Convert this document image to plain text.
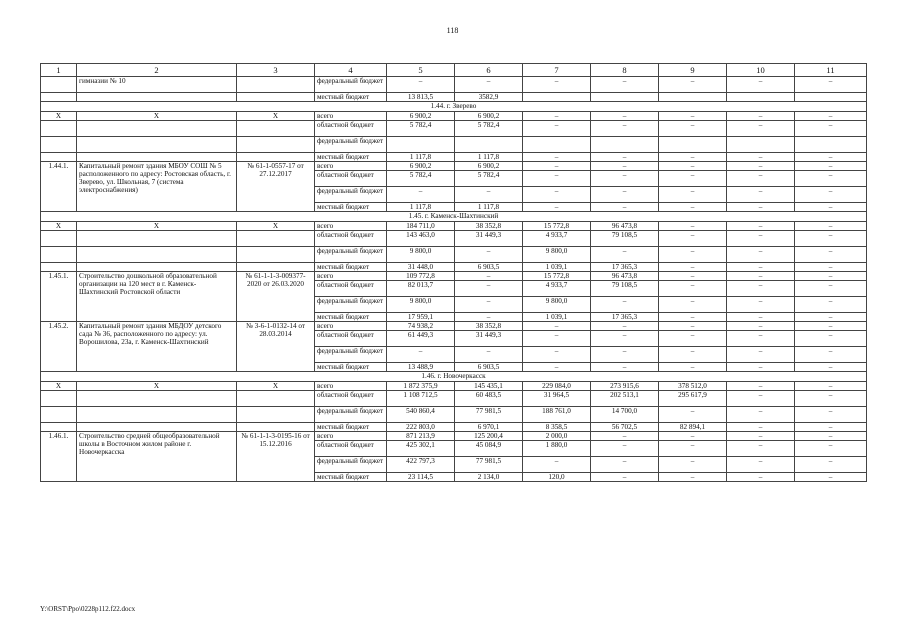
118
1	2	3	4	5	6	7	8	9	10	11
	гимназии № 10		федеральный бюджет	–	–	–	–	–	–	–
			местный бюджет	13 813,5	3582,9					
1.44. г. Зверево										
X	X	X	всего	6 900,2	6 900,2	–	–	–	–	–
			областной бюджет	5 782,4	5 782,4	–	–	–	–	–
			федеральный бюджет							
			местный бюджет	1 117,8	1 117,8	–	–	–	–	–
1.44.1.	Капитальный ремонт здания МБОУ СОШ № 5 расположенного по адресу: Ростовская область, г. Зверево, ул. Школьная, 7 (система электроснабжения)	№ 61-1-0557-17 от 27.12.2017	всего	6 900,2	6 900,2	–	–	–	–	–
			областной бюджет	5 782,4	5 782,4	–	–	–	–	–
			федеральный бюджет	–	–	–	–	–	–	–
			местный бюджет	1 117,8	1 117,8	–	–	–	–	–
1.45. г. Каменск-Шахтинский										
X	X	X	всего	184 711,0	38 352,8	15 772,8	96 473,8	–	–	–
			областной бюджет	143 463,0	31 449,3	4 933,7	79 108,5	–	–	–
			федеральный бюджет	9 800,0	–	9 800,0	–	–	–	–
			местный бюджет	31 448,0	6 903,5	1 039,1	17 365,3	–	–	–
1.45.1.	Строительство дошкольной образовательной организации на 120 мест в г. Каменск-Шахтинский Ростовской области	№ 61-1-1-3-009377-2020 от 26.03.2020	всего	109 772,8	–	15 772,8	96 473,8	–	–	–
			областной бюджет	82 013,7	–	4 933,7	79 108,5	–	–	–
			федеральный бюджет	9 800,0	–	9 800,0	–	–	–	–
			местный бюджет	17 959,1	–	1 039,1	17 365,3	–	–	–
1.45.2.	Капитальный ремонт здания МБДОУ детского сада № 36, расположенного по адресу: ул. Ворошилова, 23а, г. Каменск-Шахтинский	№ 3-6-1-0132-14 от 28.03.2014	всего	74 938,2	38 352,8	–	–	–	–	–
			областной бюджет	61 449,3	31 449,3	–	–	–	–	–
			федеральный бюджет	–	–	–	–	–	–	–
			местный бюджет	13 488,9	6 903,5	–	–	–	–	–
1.46. г. Новочеркасск										
X	X	X	всего	1 872 375,9	145 435,1	229 084,0	273 915,6	378 512,0	–	–
			областной бюджет	1 108 712,5	60 483,5	31 964,5	202 513,1	295 617,9	–	–
			федеральный бюджет	540 860,4	77 981,5	188 761,0	14 700,0	–	–	–
			местный бюджет	222 803,0	6 970,1	8 358,5	56 702,5	82 894,1	–	–
1.46.1.	Строительство средней общеобразовательной школы в Восточном жилом районе г. Новочеркасска	№ 61-1-1-3-0195-16 от 15.12.2016	всего	871 213,9	125 200,4	2 000,0	–	–	–	–
			областной бюджет	425 302,1	45 084,9	1 880,0	–	–	–	–
			федеральный бюджет	422 797,3	77 981,5	–	–	–	–	–
			местный бюджет	23 114,5	2 134,0	120,0	–	–	–	–
Y:\ORST\Ppo\0228p112.f22.docx
